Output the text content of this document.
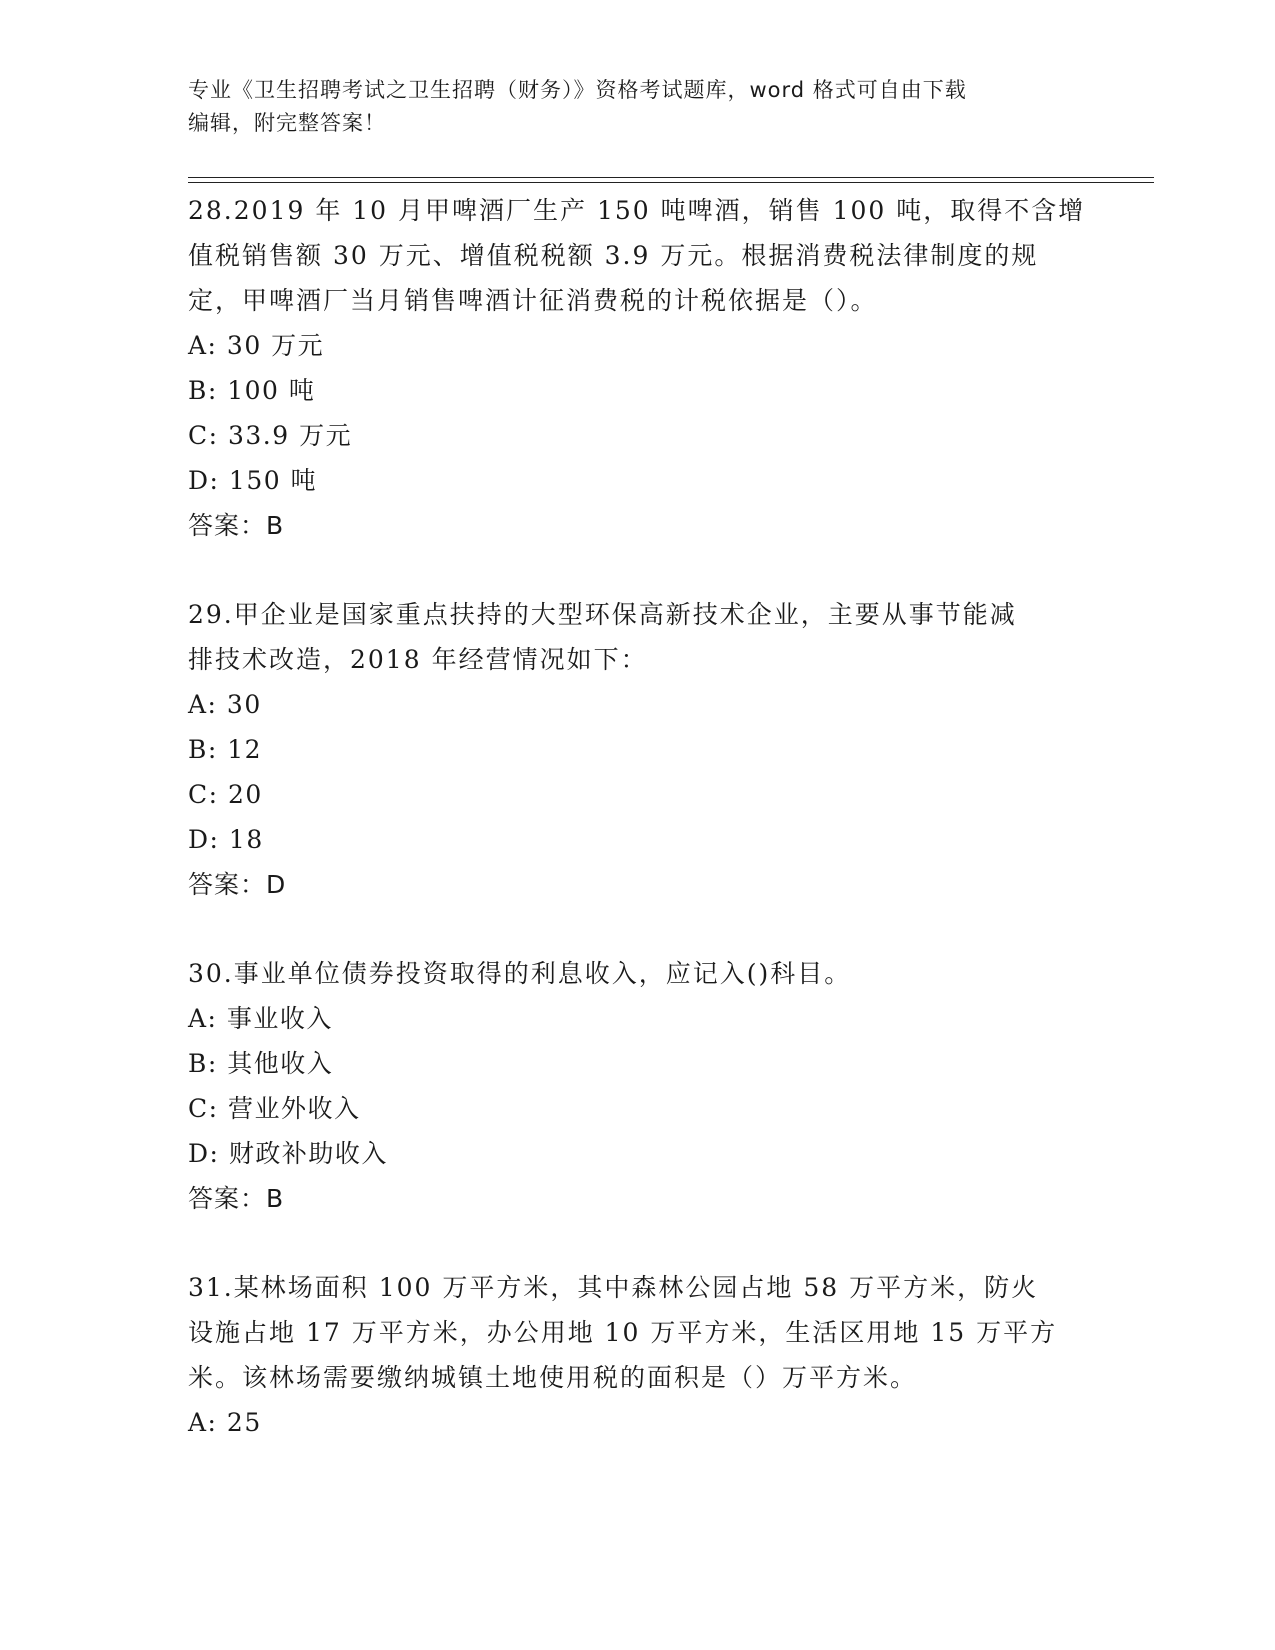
专业《卫生招聘考试之卫生招聘（财务）》资格考试题库，word 格式可自由下载
编辑，附完整答案！
28.2019 年 10 月甲啤酒厂生产 150 吨啤酒，销售 100 吨，取得不含增
值税销售额 30 万元、增值税税额 3.9 万元。根据消费税法律制度的规
定，甲啤酒厂当月销售啤酒计征消费税的计税依据是（）。
A: 30 万元
B: 100 吨
C: 33.9 万元
D: 150 吨
答案：B
29.甲企业是国家重点扶持的大型环保高新技术企业，主要从事节能减
排技术改造，2018 年经营情况如下：
A: 30
B: 12
C: 20
D: 18
答案：D
30.事业单位债券投资取得的利息收入，应记入()科目。
A: 事业收入
B: 其他收入
C: 营业外收入
D: 财政补助收入
答案：B
31.某林场面积 100 万平方米，其中森林公园占地 58 万平方米，防火
设施占地 17 万平方米，办公用地 10 万平方米，生活区用地 15 万平方
米。该林场需要缴纳城镇土地使用税的面积是（）万平方米。
A: 25
